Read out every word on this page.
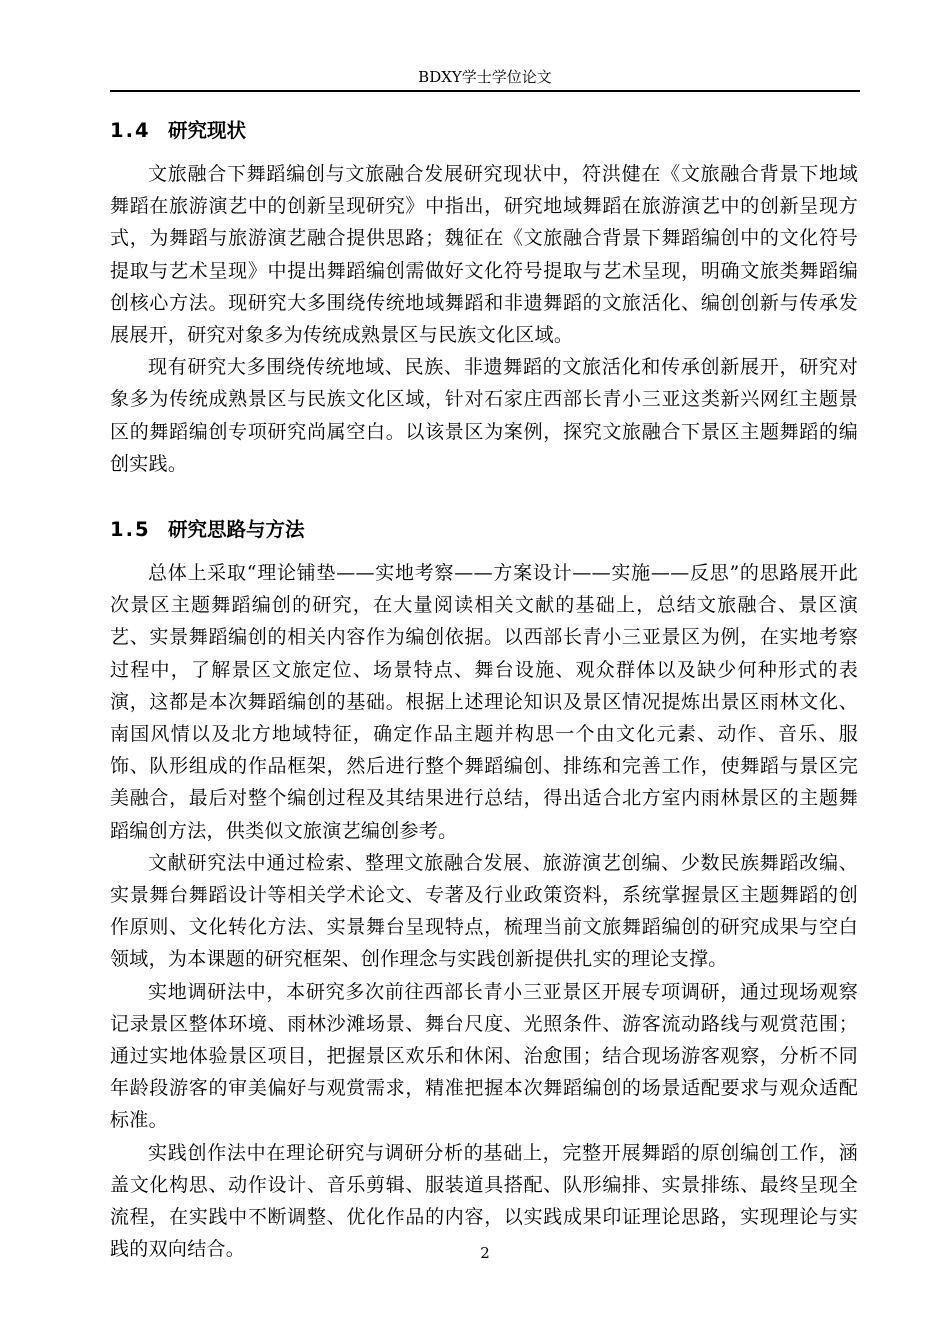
BDXY学士学位论文
1.4 研究现状

文旅融合下舞蹈编创与文旅融合发展研究现状中，符洪健在《文旅融合背景下地域舞蹈在旅游演艺中的创新呈现研究》中指出，研究地域舞蹈在旅游演艺中的创新呈现方式，为舞蹈与旅游演艺融合提供思路；魏征在《文旅融合背景下舞蹈编创中的文化符号提取与艺术呈现》中提出舞蹈编创需做好文化符号提取与艺术呈现，明确文旅类舞蹈编创核心方法。现研究大多围绕传统地域舞蹈和非遗舞蹈的文旅活化、编创创新与传承发展展开，研究对象多为传统成熟景区与民族文化区域。

现有研究大多围绕传统地域、民族、非遗舞蹈的文旅活化和传承创新展开，研究对象多为传统成熟景区与民族文化区域，针对石家庄西部长青小三亚这类新兴网红主题景区的舞蹈编创专项研究尚属空白。以该景区为案例，探究文旅融合下景区主题舞蹈的编创实践。

1.5 研究思路与方法

总体上采取“理论铺垫——实地考察——方案设计——实施——反思”的思路展开此次景区主题舞蹈编创的研究，在大量阅读相关文献的基础上，总结文旅融合、景区演艺、实景舞蹈编创的相关内容作为编创依据。以西部长青小三亚景区为例，在实地考察过程中，了解景区文旅定位、场景特点、舞台设施、观众群体以及缺少何种形式的表演，这都是本次舞蹈编创的基础。根据上述理论知识及景区情况提炼出景区雨林文化、南国风情以及北方地域特征，确定作品主题并构思一个由文化元素、动作、音乐、服饰、队形组成的作品框架，然后进行整个舞蹈编创、排练和完善工作，使舞蹈与景区完美融合，最后对整个编创过程及其结果进行总结，得出适合北方室内雨林景区的主题舞蹈编创方法，供类似文旅演艺编创参考。

文献研究法中通过检索、整理文旅融合发展、旅游演艺创编、少数民族舞蹈改编、实景舞台舞蹈设计等相关学术论文、专著及行业政策资料，系统掌握景区主题舞蹈的创作原则、文化转化方法、实景舞台呈现特点，梳理当前文旅舞蹈编创的研究成果与空白领域，为本课题的研究框架、创作理念与实践创新提供扎实的理论支撑。

实地调研法中，本研究多次前往西部长青小三亚景区开展专项调研，通过现场观察记录景区整体环境、雨林沙滩场景、舞台尺度、光照条件、游客流动路线与观赏范围；通过实地体验景区项目，把握景区欢乐和休闲、治愈围；结合现场游客观察，分析不同年龄段游客的审美偏好与观赏需求，精准把握本次舞蹈编创的场景适配要求与观众适配标准。

实践创作法中在理论研究与调研分析的基础上，完整开展舞蹈的原创编创工作，涵盖文化构思、动作设计、音乐剪辑、服装道具搭配、队形编排、实景排练、最终呈现全流程，在实践中不断调整、优化作品的内容，以实践成果印证理论思路，实现理论与实践的双向结合。	2
